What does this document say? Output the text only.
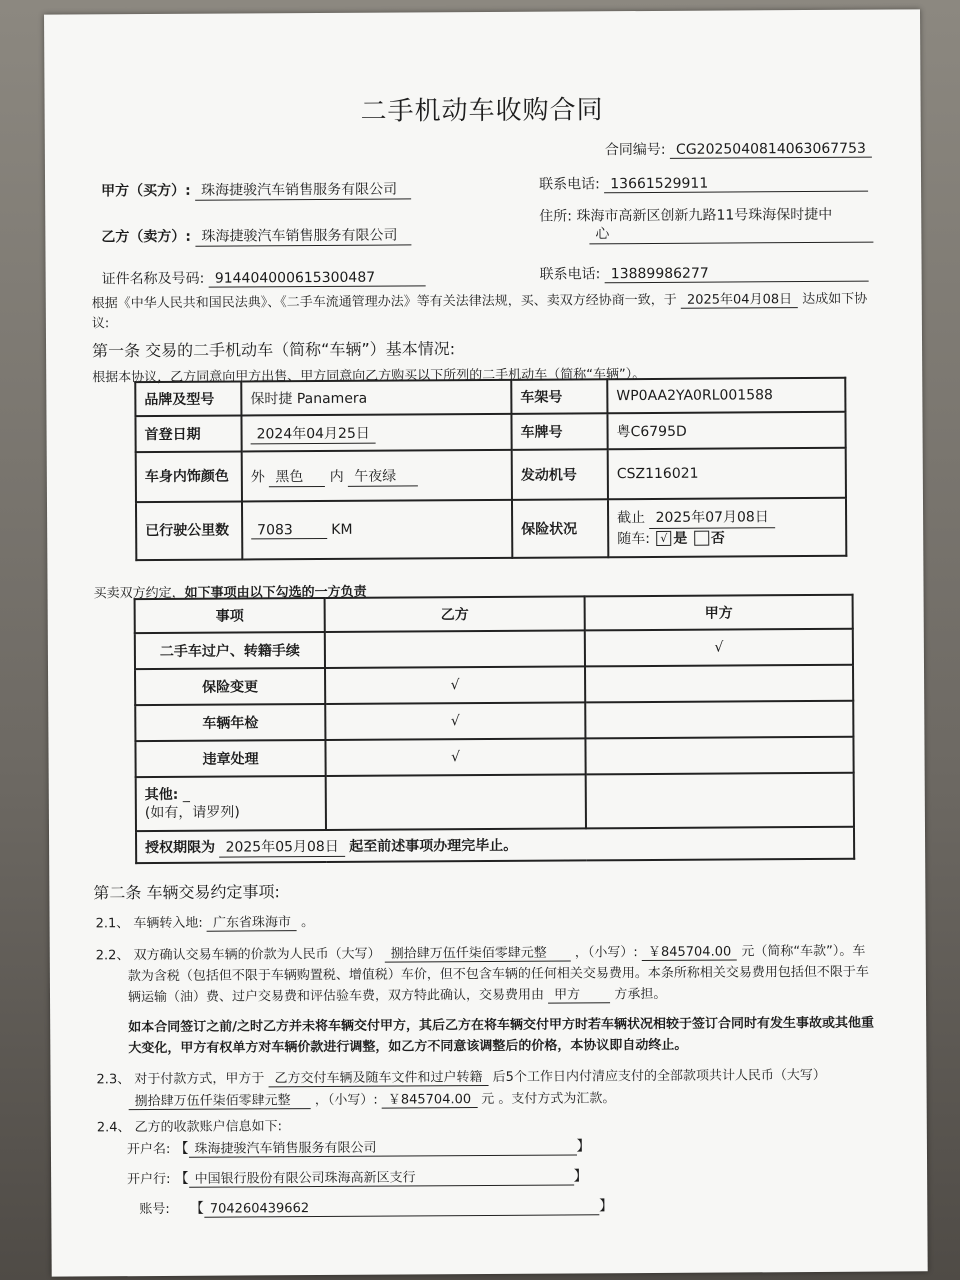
二手机动车收购合同
合同编号: CG2025040814063067753
甲方（买方）: 珠海捷骏汽车销售服务有限公司	联系电话: 13661529911
乙方（卖方）: 珠海捷骏汽车销售服务有限公司
住所: 珠海市高新区创新九路11号珠海保时捷中
心
证件名称及号码: 914404000615300487	联系电话: 13889986277
根据《中华人民共和国民法典》、《二手车流通管理办法》等有关法律法规，买、卖双方经协商一致，于 2025年04月08日 达成如下协
议:
第一条 交易的二手机动车（简称“车辆”）基本情况:
根据本协议，乙方同意向甲方出售、甲方同意向乙方购买以下所列的二手机动车（简称“车辆”）。
品牌及型号	保时捷 Panamera	车架号	WP0AA2YA0RL001588
首登日期	2024年04月25日	车牌号	粤C6795D
车身内饰颜色	外 黑色 内 午夜绿	发动机号	CSZ116021
已行驶公里数	7083 KM	保险状况	截止 2025年07月08日
随车: √ 是 否
买卖双方约定，如下事项由以下勾选的一方负责
事项	乙方	甲方
二手车过户、转籍手续		√
保险变更	√	
车辆年检	√	
违章处理	√	
其他: _
(如有，请罗列)		
授权期限为 2025年05月08日 起至前述事项办理完毕止。		
第二条 车辆交易约定事项:
2.1、 车辆转入地: 广东省珠海市 。
2.2、 双方确认交易车辆的价款为人民币（大写） 捌拾肆万伍仟柒佰零肆元整 ，（小写）: ￥845704.00 元（简称“车款”）。车
款为含税（包括但不限于车辆购置税、增值税）车价，但不包含车辆的任何相关交易费用。本条所称相关交易费用包括但不限于车
辆运输（油）费、过户交易费和评估验车费，双方特此确认，交易费用由 甲方	方承担。
如本合同签订之前/之时乙方并未将车辆交付甲方，其后乙方在将车辆交付甲方时若车辆状况相较于签订合同时有发生事故或其他重
大变化，甲方有权单方对车辆价款进行调整，如乙方不同意该调整后的价格，本协议即自动终止。
2.3、 对于付款方式，甲方于 乙方交付车辆及随车文件和过户转籍 后5个工作日内付清应支付的全部款项共计人民币（大写）
捌拾肆万伍仟柒佰零肆元整 ，（小写）: ￥845704.00 元 。支付方式为汇款。
2.4、 乙方的收款账户信息如下:
开户名: 【 珠海捷骏汽车销售服务有限公司	】
开户行: 【 中国银行股份有限公司珠海高新区支行	】
账号: 【 704260439662	】
